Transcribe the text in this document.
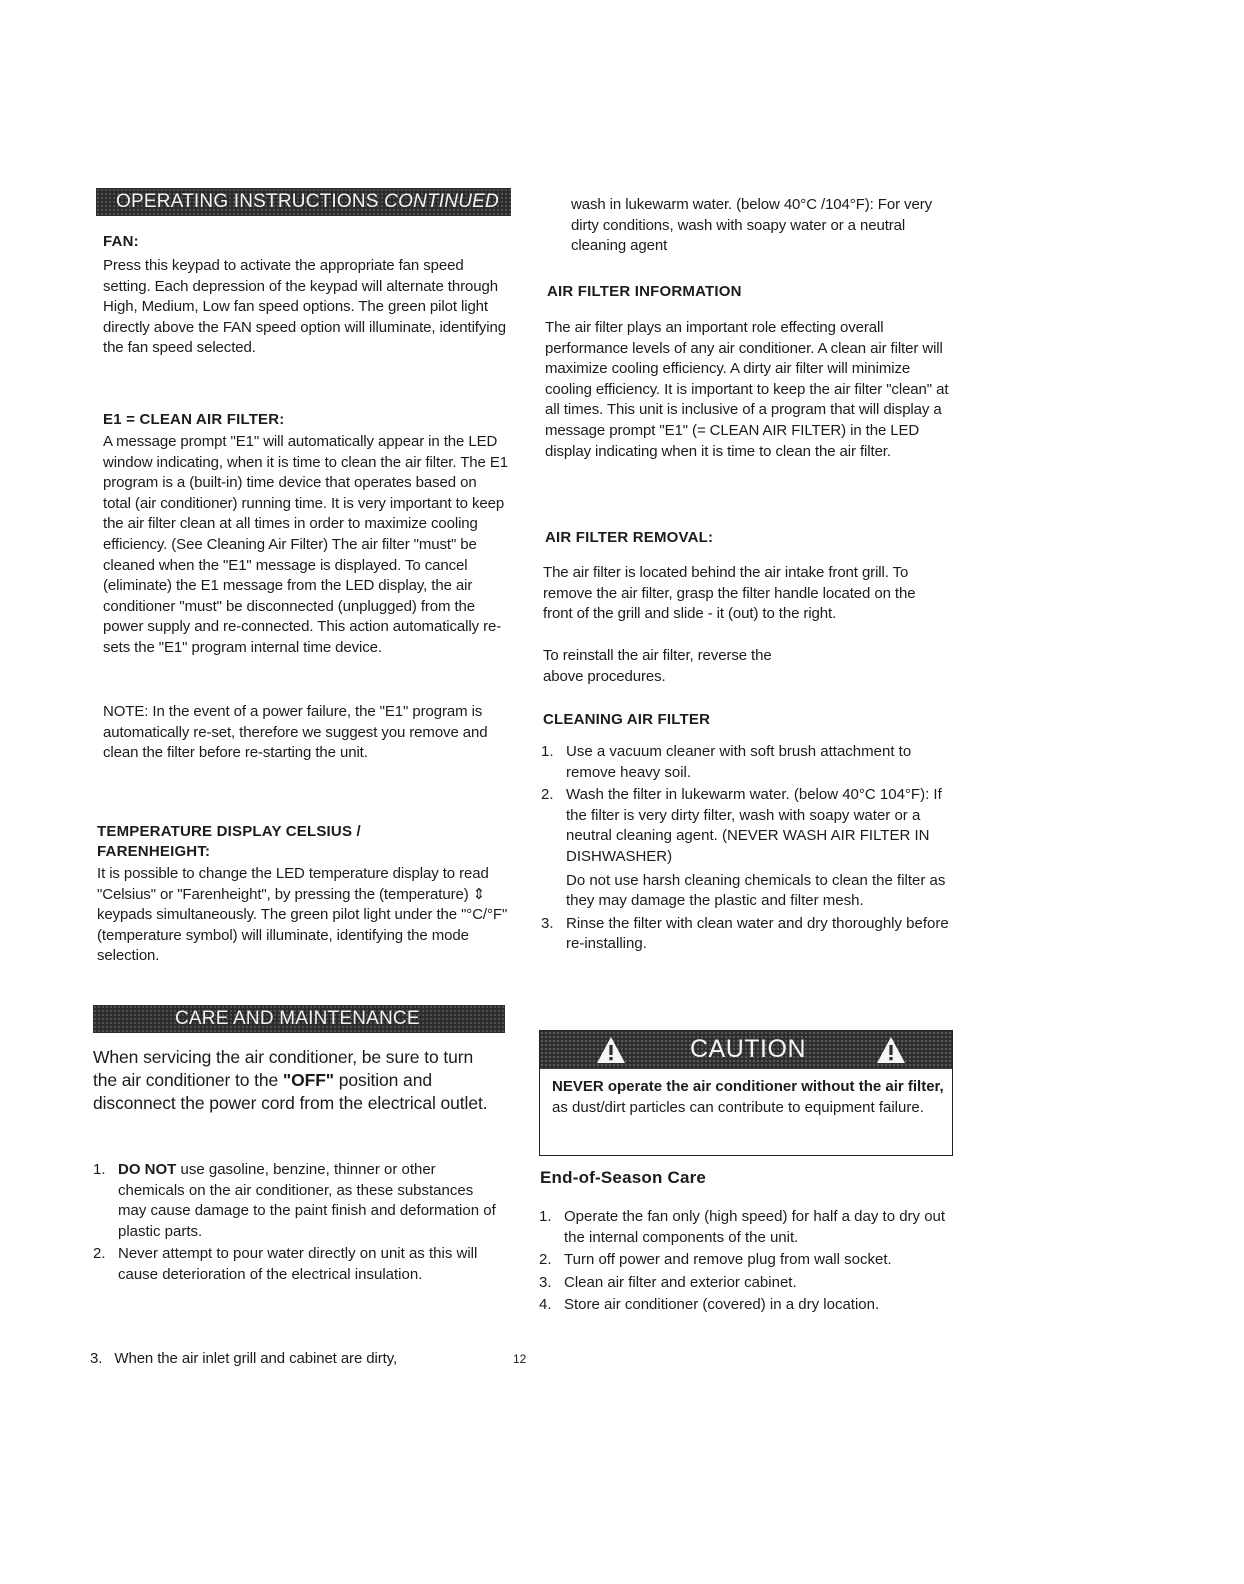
OPERATING INSTRUCTIONS CONTINUED
FAN:

Press this keypad to activate the appropriate fan speed setting. Each depression of the keypad will alternate through High, Medium, Low fan speed options. The green pilot light directly above the FAN speed option will illuminate, identifying the fan speed selected.

E1 = CLEAN AIR FILTER:

A message prompt "E1" will automatically appear in the LED window indicating, when it is time to clean the air filter. The E1 program is a (built-in) time device that operates based on total (air conditioner) running time. It is very important to keep the air filter clean at all times in order to maximize cooling efficiency. (See Cleaning Air Filter) The air filter "must" be cleaned when the "E1" message is displayed. To cancel (eliminate) the E1 message from the LED display, the air conditioner "must" be disconnected (unplugged) from the power supply and re-connected. This action automatically re-sets the "E1" program internal time device.

NOTE: In the event of a power failure, the "E1" program is automatically re-set, therefore we suggest you remove and clean the filter before re-starting the unit.

TEMPERATURE DISPLAY CELSIUS /
FARENHEIGHT:

It is possible to change the LED temperature display to read "Celsius" or "Farenheight", by pressing the (temperature) ⇕ keypads simultaneously. The green pilot light under the "°C/°F" (temperature symbol) will illuminate, identifying the mode selection.

CARE AND MAINTENANCE

When servicing the air conditioner, be sure to turn the air conditioner to the "OFF" position and disconnect the power cord from the electrical outlet.

1. DO NOT use gasoline, benzine, thinner or other chemicals on the air conditioner, as these substances may cause damage to the paint finish and deformation of plastic parts.
2. Never attempt to pour water directly on unit as this will cause deterioration of the electrical insulation.
3. When the air inlet grill and cabinet are dirty,	12

wash in lukewarm water. (below 40°C /104°F): For very dirty conditions, wash with soapy water or a neutral cleaning agent

AIR FILTER INFORMATION

The air filter plays an important role effecting overall performance levels of any air conditioner. A clean air filter will maximize cooling efficiency. A dirty air filter will minimize cooling efficiency. It is important to keep the air filter "clean" at all times. This unit is inclusive of a program that will display a message prompt "E1" (= CLEAN AIR FILTER) in the LED display indicating when it is time to clean the air filter.

AIR FILTER REMOVAL:

The air filter is located behind the air intake front grill. To remove the air filter, grasp the filter handle located on the front of the grill and slide - it (out) to the right.

To reinstall the air filter, reverse the above procedures.

CLEANING AIR FILTER
1. Use a vacuum cleaner with soft brush attachment to remove heavy soil.
2. Wash the filter in lukewarm water. (below 40°C 104°F): If the filter is very dirty filter, wash with soapy water or a neutral cleaning agent. (NEVER WASH AIR FILTER IN DISHWASHER)
Do not use harsh cleaning chemicals to clean the filter as they may damage the plastic and filter mesh.
3. Rinse the filter with clean water and dry thoroughly before re-installing.
CAUTION

NEVER operate the air conditioner without the air filter, as dust/dirt particles can contribute to equipment failure.

End-of-Season Care
1. Operate the fan only (high speed) for half a day to dry out the internal components of the unit.
2. Turn off power and remove plug from wall socket.
3. Clean air filter and exterior cabinet.
4. Store air conditioner (covered) in a dry location.
